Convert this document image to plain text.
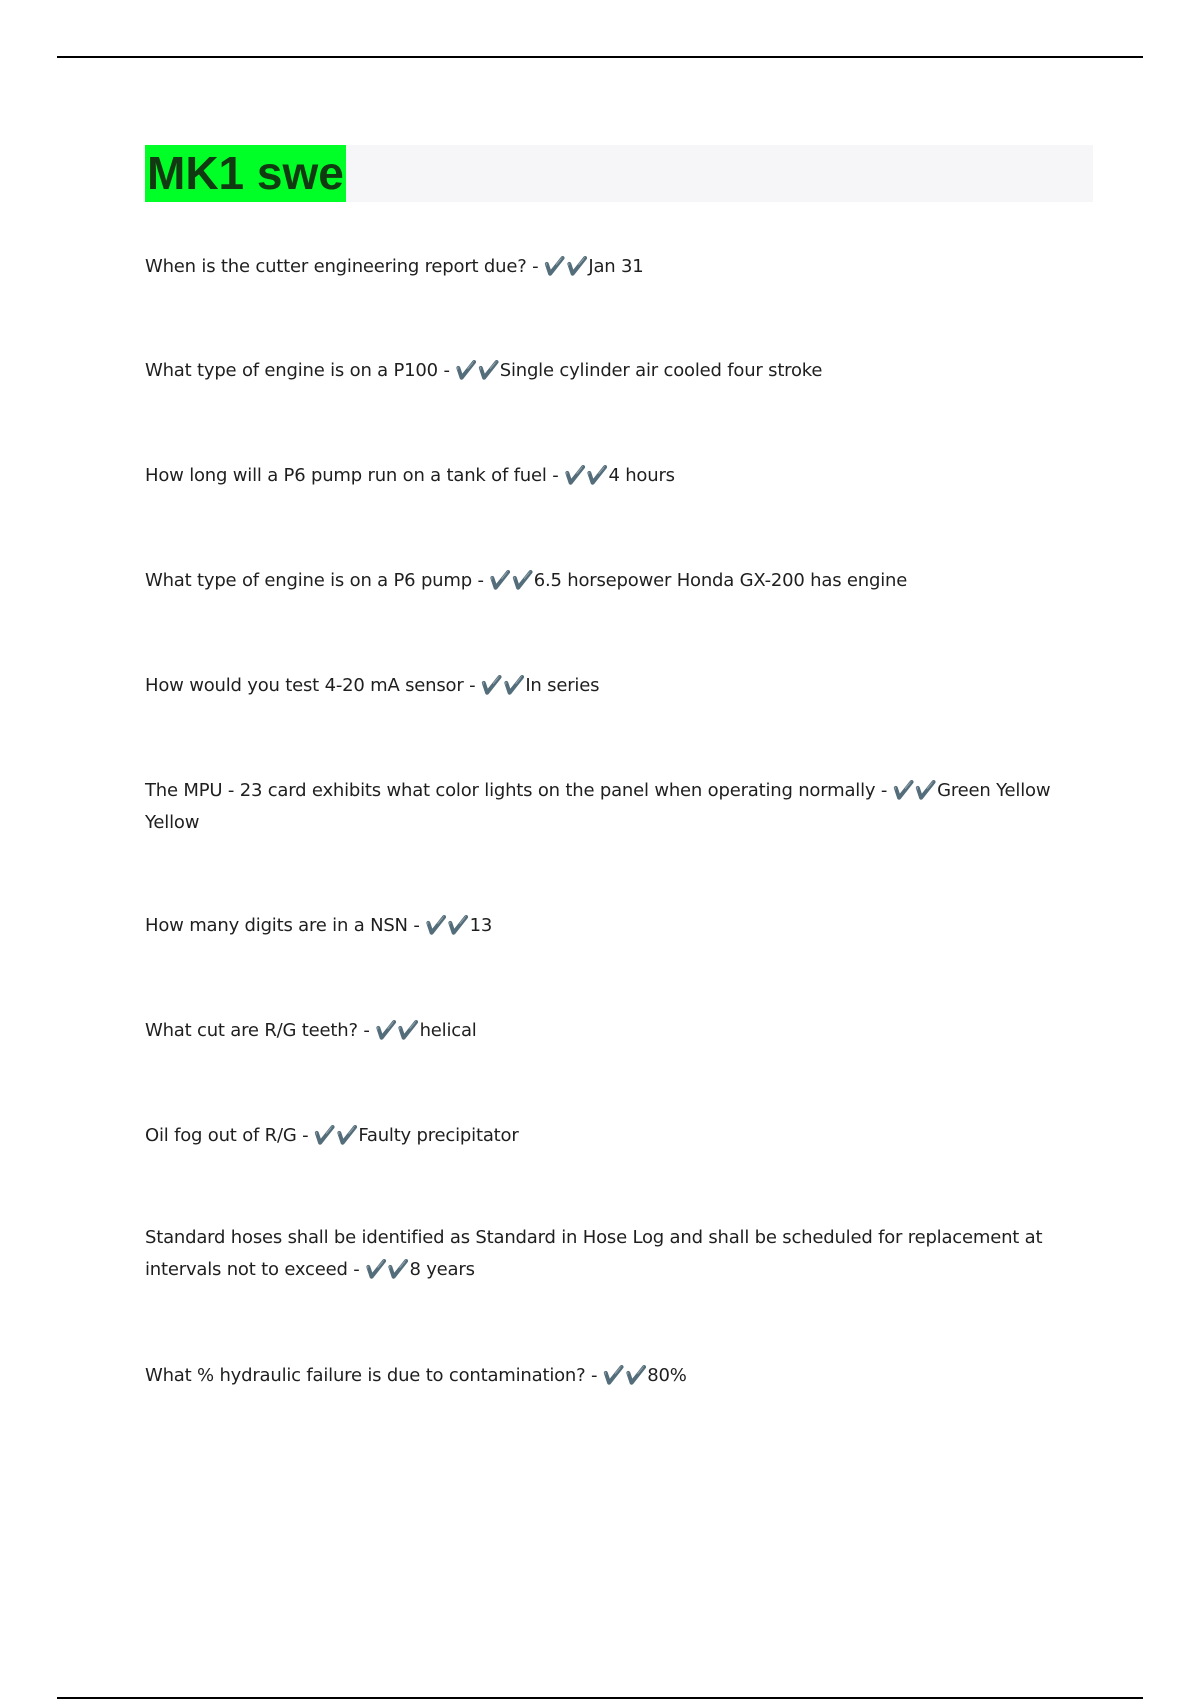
MK1 swe
When is the cutter engineering report due? - ✔️✔️Jan 31
What type of engine is on a P100 - ✔️✔️Single cylinder air cooled four stroke
How long will a P6 pump run on a tank of fuel - ✔️✔️4 hours
What type of engine is on a P6 pump - ✔️✔️6.5 horsepower Honda GX-200 has engine
How would you test 4-20 mA sensor - ✔️✔️In series
The MPU - 23 card exhibits what color lights on the panel when operating normally - ✔️✔️Green Yellow Yellow
How many digits are in a NSN - ✔️✔️13
What cut are R/G teeth? - ✔️✔️helical
Oil fog out of R/G - ✔️✔️Faulty precipitator
Standard hoses shall be identified as Standard in Hose Log and shall be scheduled for replacement at intervals not to exceed - ✔️✔️8 years
What % hydraulic failure is due to contamination? - ✔️✔️80%
